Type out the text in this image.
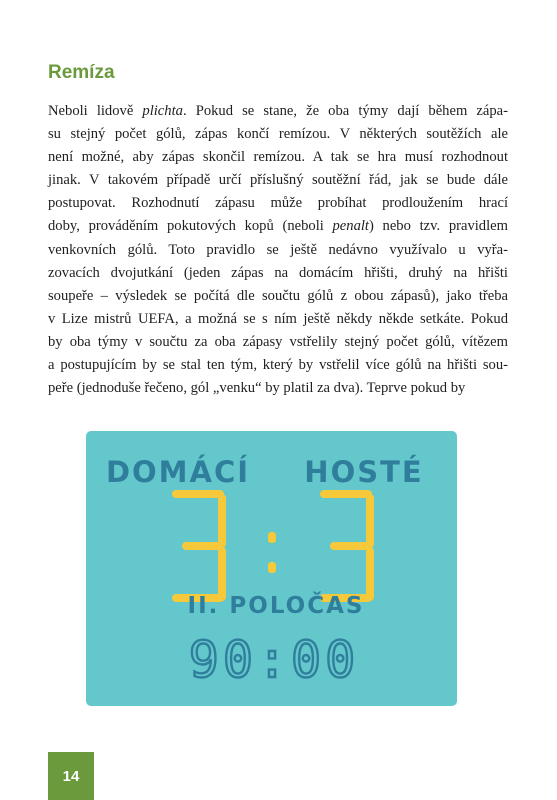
Remíza
Neboli lidově plichta. Pokud se stane, že oba týmy dají během zápa-
su stejný počet gólů, zápas končí remízou. V některých soutěžích ale
není možné, aby zápas skončil remízou. A tak se hra musí rozhodnout
jinak. V takovém případě určí příslušný soutěžní řád, jak se bude dále
postupovat. Rozhodnutí zápasu může probíhat prodloužením hrací
doby, prováděním pokutových kopů (neboli penalt) nebo tzv. pravidlem
venkovních gólů. Toto pravidlo se ještě nedávno využívalo u vyřa-
zovacích dvojutkání (jeden zápas na domácím hřišti, druhý na hřišti
soupeře – výsledek se počítá dle součtu gólů z obou zápasů), jako třeba
v Lize mistrů UEFA, a možná se s ním ještě někdy někde setkáte. Pokud
by oba týmy v součtu za oba zápasy vstřelily stejný počet gólů, vítězem
a postupujícím by se stal ten tým, který by vstřelil více gólů na hřišti sou-
peře (jednoduše řečeno, gól „venku“ by platil za dva). Teprve pokud by
DOMÁCÍ HOSTÉ
II. POLOČAS
90:00
14
